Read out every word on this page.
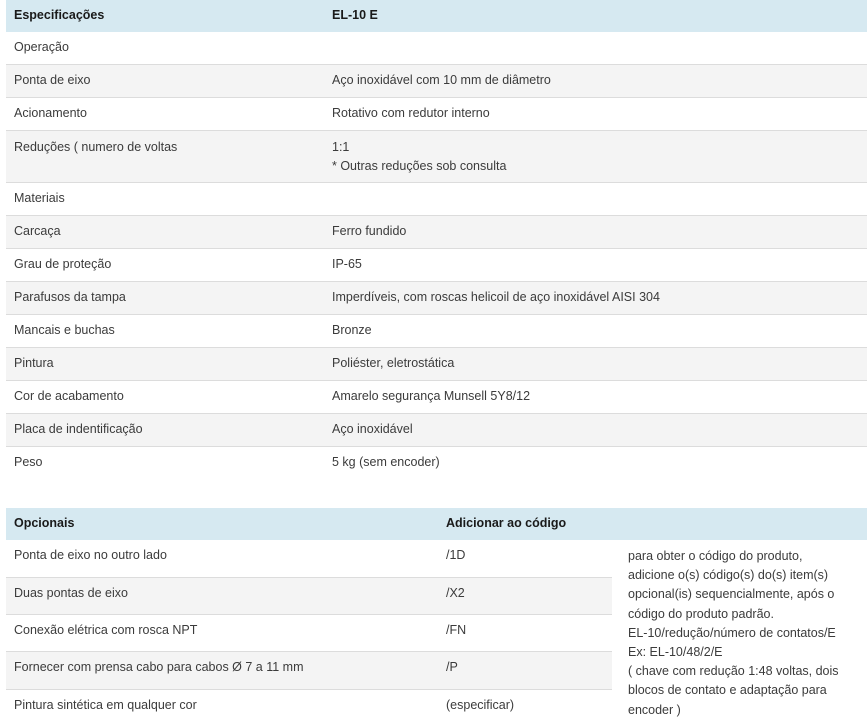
Especificações	EL-10 E
Operação
Ponta de eixo	Aço inoxidável com 10 mm de diâmetro
Acionamento	Rotativo com redutor interno
Reduções ( numero de voltas	1:1
* Outras reduções sob consulta
Materiais
Carcaça	Ferro fundido
Grau de proteção	IP-65
Parafusos da tampa	Imperdíveis, com roscas helicoil de aço inoxidável AISI 304
Mancais e buchas	Bronze
Pintura	Poliéster, eletrostática
Cor de acabamento	Amarelo segurança Munsell 5Y8/12
Placa de indentificação	Aço inoxidável
Peso	5 kg (sem encoder)
Opcionais	Adicionar ao código
Ponta de eixo no outro lado	/1D
Duas pontas de eixo	/X2
Conexão elétrica com rosca NPT	/FN
Fornecer com prensa cabo para cabos Ø 7 a 11 mm	/P
Pintura sintética em qualquer cor	(especificar)
para obter o código do produto,
adicione o(s) código(s) do(s) item(s)
opcional(is) sequencialmente, após o
código do produto padrão.
EL-10/redução/número de contatos/E
Ex: EL-10/48/2/E
( chave com redução 1:48 voltas, dois
blocos de contato e adaptação para
encoder )
